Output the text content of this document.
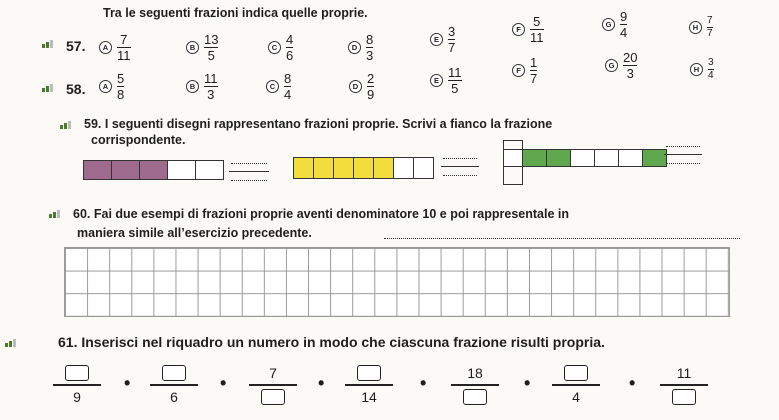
Tra le seguenti frazioni indica quelle proprie.
57.	A $\frac{7}{11}$	B $\frac{13}{5}$	C $\frac{4}{6}$	D $\frac{8}{3}$	E $\frac{3}{7}$	F $\frac{5}{11}$	G $\frac{9}{4}$	H $\frac{7}{7}$
58.	A $\frac{5}{8}$	B $\frac{11}{3}$	C $\frac{8}{4}$	D $\frac{2}{9}$	E $\frac{11}{5}$	F $\frac{1}{7}$	G $\frac{20}{3}$	H $\frac{3}{4}$
59. I seguenti disegni rappresentano frazioni proprie. Scrivi a fianco la frazione
corrispondente.
60. Fai due esempi di frazioni proprie aventi denominatore 10 e poi rappresentale in
maniera simile all’esercizio precedente.
61. Inserisci nel riquadro un numero in modo che ciascuna frazione risulti propria.
9
•
6
•	7 •
14
•	18 •
4
•	11
